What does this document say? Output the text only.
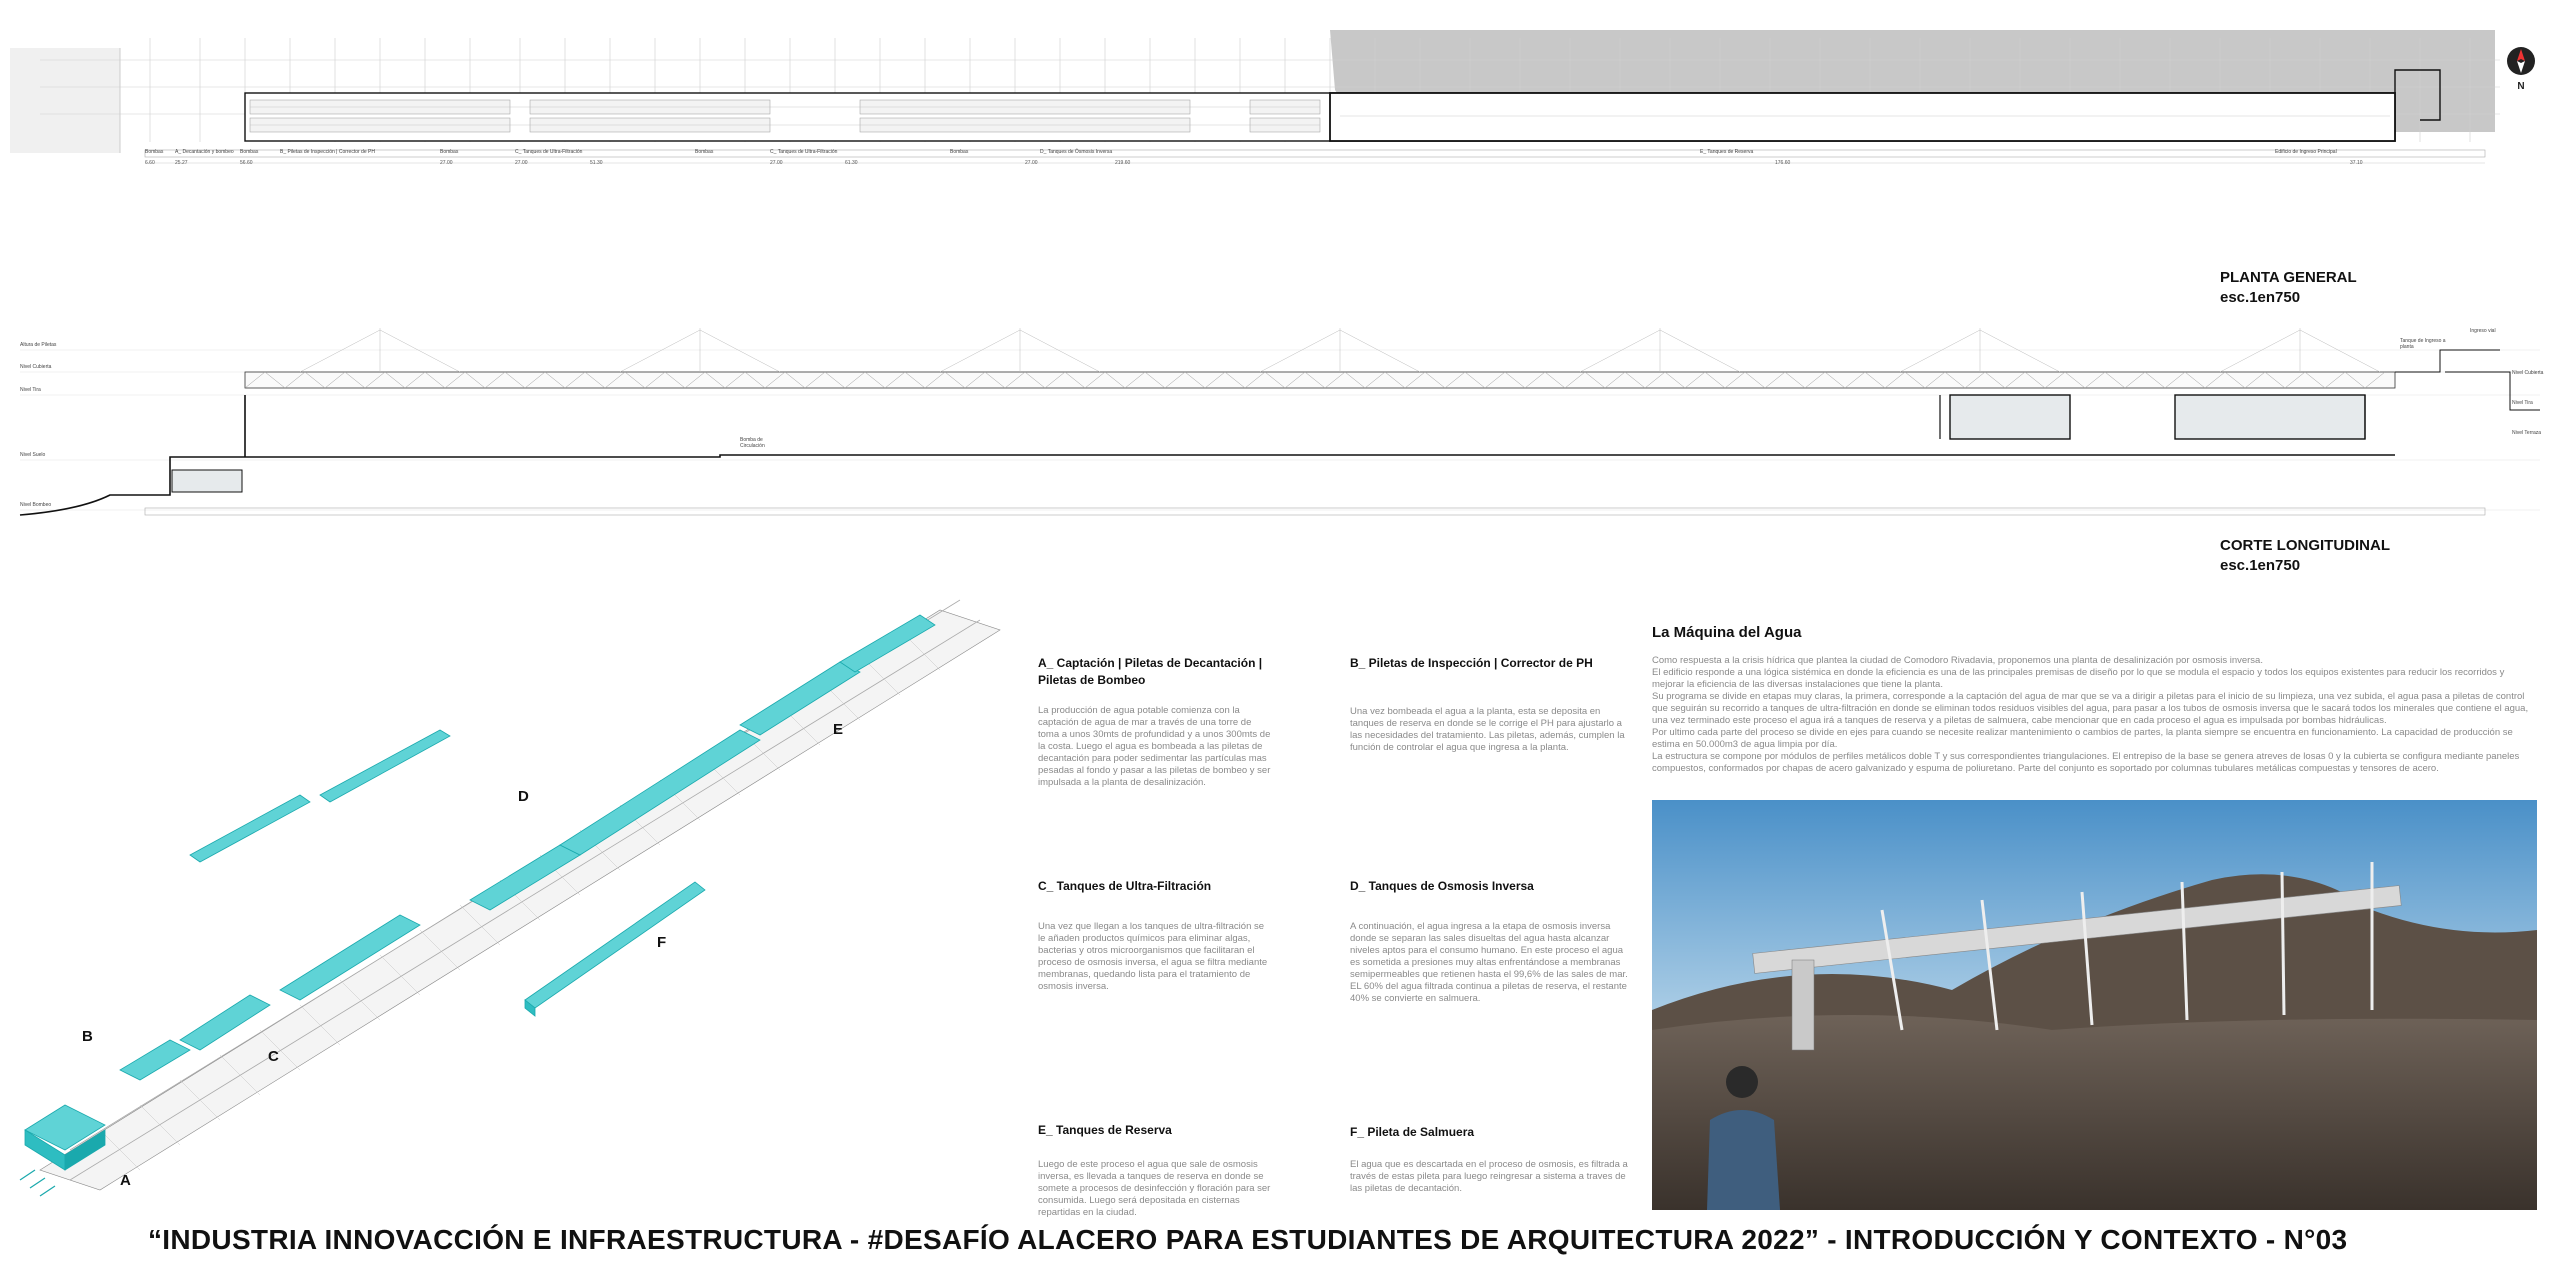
Bombas	A_ Decantación y bombeo	Bombas	B_ Piletas de Inspección | Corrector de PH	Bombas	C_ Tanques de Ultra-Filtración	Bombas	C_ Tanques de Ultra-Filtración	Bombas	D_ Tanques de Ósmosis Inversa	E_ Tanques de Reserva	Edificio de Ingreso Principal
6.60	25.27	56.60	27.00	27.00	51.30	27.00	61.30	27.00	219.60	176.60	37.10
N
PLANTA GENERAL
esc.1en750
Altura de Piletas
Nivel Cubierta
Nivel Tira
Nivel Suelo
Nivel Bombeo
Nivel Cubierta
Nivel Tira
Nivel Terraza
Bomba de Circulación
Tanque de Ingreso a planta
Ingreso vial
CORTE LONGITUDINAL
esc.1en750
A
B
C
D
E
F
A_ Captación | Piletas de Decantación | Piletas de Bombeo
La producción de agua potable comienza con la captación de agua de mar a través de una torre de toma a unos 30mts de profundidad y a unos 300mts de la costa. Luego el agua es bombeada a las piletas de decantación para poder sedimentar las partículas mas pesadas al fondo y pasar a las piletas de bombeo y ser impulsada a la planta de desalinización.
B_ Piletas de Inspección | Corrector de PH
Una vez bombeada el agua a la planta, esta se deposita en tanques de reserva en donde se le corrige el PH para ajustarlo a las necesidades del tratamiento. Las piletas, además, cumplen la función de controlar el agua que ingresa a la planta.
C_ Tanques de Ultra-Filtración
Una vez que llegan a los tanques de ultra-filtración se le añaden productos químicos para eliminar algas, bacterias y otros microorganismos que facilitaran el proceso de osmosis inversa, el agua se filtra mediante membranas, quedando lista para el tratamiento de osmosis inversa.
D_ Tanques de Osmosis Inversa
A continuación, el agua ingresa a la etapa de osmosis inversa donde se separan las sales disueltas del agua hasta alcanzar niveles aptos para el consumo humano. En este proceso el agua es sometida a presiones muy altas enfrentándose a membranas semipermeables que retienen hasta el 99,6% de las sales de mar. EL 60% del agua filtrada continua a piletas de reserva, el restante 40% se convierte en salmuera.
E_ Tanques de Reserva
Luego de este proceso el agua que sale de osmosis inversa, es llevada a tanques de reserva en donde se somete a procesos de desinfección y floración para ser consumida. Luego será depositada en cisternas repartidas en la ciudad.
F_ Pileta de Salmuera
El agua que es descartada en el proceso de osmosis, es filtrada a través de estas pileta para luego reingresar a sistema a traves de las piletas de decantación.
La Máquina del Agua
Como respuesta a la crisis hídrica que plantea la ciudad de Comodoro Rivadavia, proponemos una planta de desalinización por osmosis inversa.
El edificio responde a una lógica sistémica en donde la eficiencia es una de las principales premisas de diseño por lo que se modula el espacio y todos los equipos existentes para reducir los recorridos y mejorar la eficiencia de las diversas instalaciones que tiene la planta.
Su programa se divide en etapas muy claras, la primera, corresponde a la captación del agua de mar que se va a dirigir a piletas para el inicio de su limpieza, una vez subida, el agua pasa a piletas de control que seguirán su recorrido a tanques de ultra-filtración en donde se eliminan todos residuos visibles del agua, para pasar a los tubos de osmosis inversa que le sacará todos los minerales que contiene el agua, una vez terminado este proceso el agua irá a tanques de reserva y a piletas de salmuera, cabe mencionar que en cada proceso el agua es impulsada por bombas hidráulicas.
Por ultimo cada parte del proceso se divide en ejes para cuando se necesite realizar mantenimiento o cambios de partes, la planta siempre se encuentra en funcionamiento. La capacidad de producción se estima en 50.000m3 de agua limpia por día.
La estructura se compone por módulos de perfiles metálicos doble T y sus correspondientes triangulaciones. El entrepiso de la base se genera atreves de losas 0 y la cubierta se configura mediante paneles compuestos, conformados por chapas de acero galvanizado y espuma de poliuretano. Parte del conjunto es soportado por columnas tubulares metálicas compuestas y tensores de acero.
“INDUSTRIA INNOVACCIÓN E INFRAESTRUCTURA - #DESAFÍO ALACERO PARA ESTUDIANTES DE ARQUITECTURA 2022” - INTRODUCCIÓN Y CONTEXTO - N°03
